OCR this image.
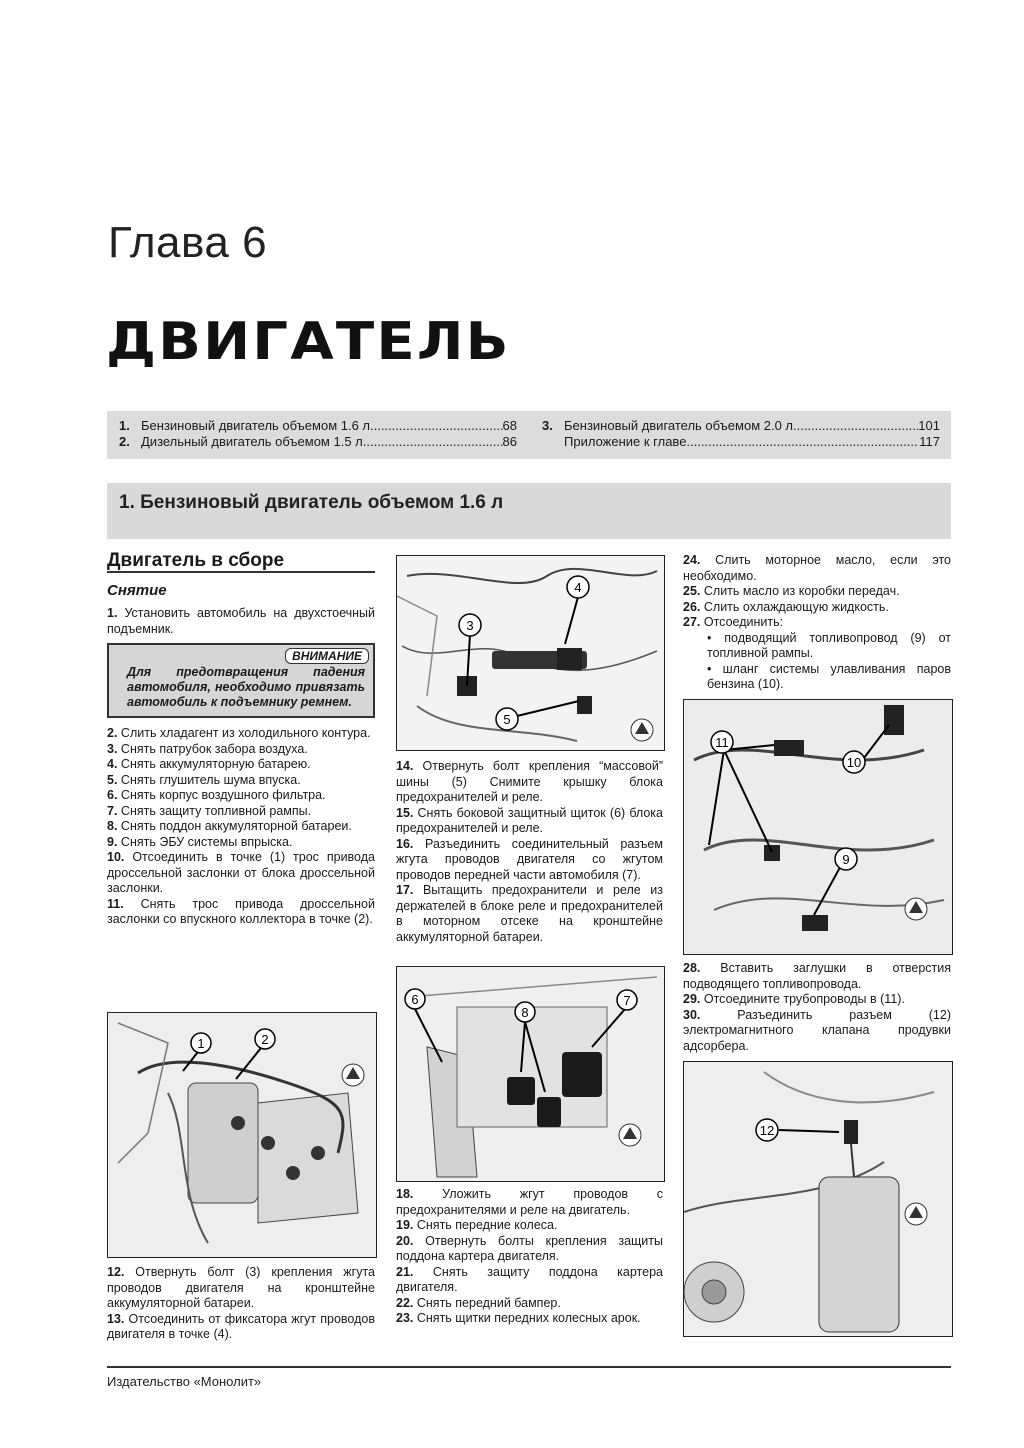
Глава 6
ДВИГАТЕЛЬ
1. Бензиновый двигатель объемом 1.6 л .....	68
2. Дизельный двигатель объемом 1.5 л .....	86
3. Бензиновый двигатель объемом 2.0 л .....	101
Приложение к главе .....	117
1. Бензиновый двигатель объемом 1.6 л
Двигатель в сборе
Снятие

1. Установить автомобиль на двухстоечный подъемник.

ВНИМАНИЕ
Для предотвращения падения автомобиля, необходимо привязать автомобиль к подъемнику ремнем.

2. Слить хладагент из холодильного контура.

3. Снять патрубок забора воздуха.

4. Снять аккумуляторную батарею.

5. Снять глушитель шума впуска.

6. Снять корпус воздушного фильтра.

7. Снять защиту топливной рампы.

8. Снять поддон аккумуляторной батареи.

9. Снять ЭБУ системы впрыска.

10. Отсоединить в точке (1) трос привода дроссельной заслонки от блока дроссельной заслонки.

11. Снять трос привода дроссельной заслонки со впускного коллектора в точке (2).

12. Отвернуть болт (3) крепления жгута проводов двигателя на кронштейне аккумуляторной батареи.

13. Отсоединить от фиксатора жгут проводов двигателя в точке (4).

14. Отвернуть болт крепления “массовой” шины (5) Снимите крышку блока предохранителей и реле.

15. Снять боковой защитный щиток (6) блока предохранителей и реле.

16. Разъединить соединительный разъем жгута проводов двигателя со жгутом проводов передней части автомобиля (7).

17. Вытащить предохранители и реле из держателей в блоке реле и предохранителей в моторном отсеке на кронштейне аккумуляторной батареи.

18. Уложить жгут проводов с предохранителями и реле на двигатель.

19. Снять передние колеса.

20. Отвернуть болты крепления защиты поддона картера двигателя.

21. Снять защиту поддона картера двигателя.

22. Снять передний бампер.

23. Снять щитки передних колесных арок.

24. Слить моторное масло, если это необходимо.

25. Слить масло из коробки передач.

26. Слить охлаждающую жидкость.

27. Отсоединить:

• подводящий топливопровод (9) от топливной рампы.

• шланг системы улавливания паров бензина (10).

28. Вставить заглушки в отверстия подводящего топливопровода.

29. Отсоедините трубопроводы в (11).

30.	Разъединить разъем (12) электромагнитного клапана продувки адсорбера.

3
4
5
1	2
6
8
7
11
10
9
12
Издательство «Монолит»
